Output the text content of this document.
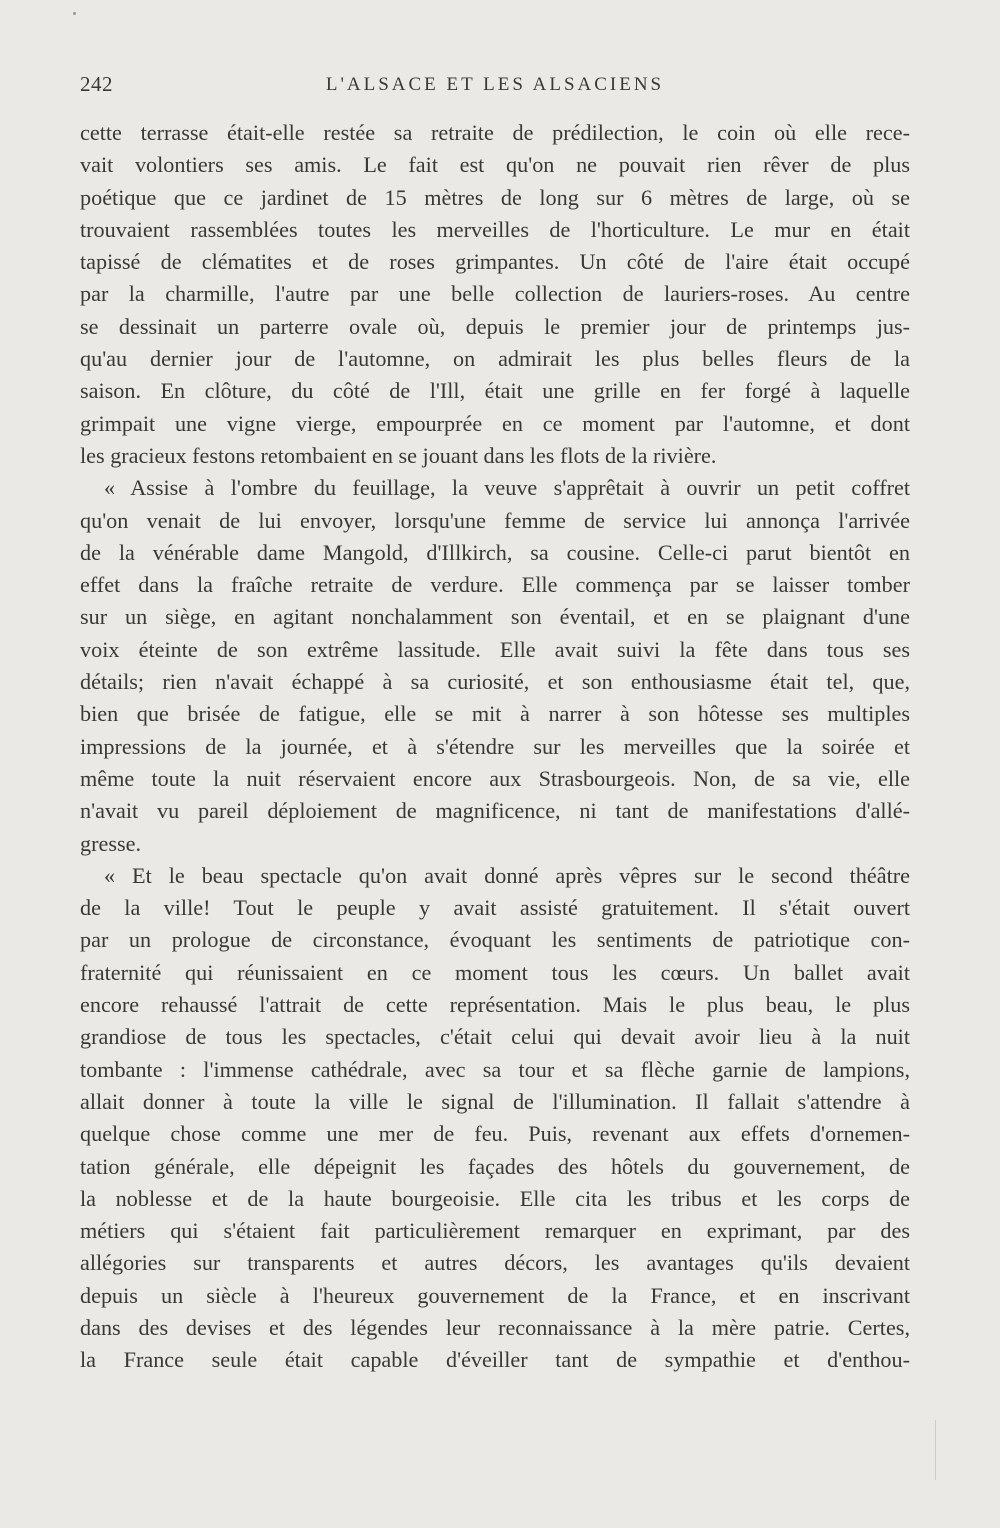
242	L'ALSACE ET LES ALSACIENS
cette terrasse était-elle restée sa retraite de prédilection, le coin où elle rece-
vait volontiers ses amis. Le fait est qu'on ne pouvait rien rêver de plus
poétique que ce jardinet de 15 mètres de long sur 6 mètres de large, où se
trouvaient rassemblées toutes les merveilles de l'horticulture. Le mur en était
tapissé de clématites et de roses grimpantes. Un côté de l'aire était occupé
par la charmille, l'autre par une belle collection de lauriers-roses. Au centre
se dessinait un parterre ovale où, depuis le premier jour de printemps jus-
qu'au dernier jour de l'automne, on admirait les plus belles fleurs de la
saison. En clôture, du côté de l'Ill, était une grille en fer forgé à laquelle
grimpait une vigne vierge, empourprée en ce moment par l'automne, et dont
les gracieux festons retombaient en se jouant dans les flots de la rivière.
« Assise à l'ombre du feuillage, la veuve s'apprêtait à ouvrir un petit coffret
qu'on venait de lui envoyer, lorsqu'une femme de service lui annonça l'arrivée
de la vénérable dame Mangold, d'Illkirch, sa cousine. Celle-ci parut bientôt en
effet dans la fraîche retraite de verdure. Elle commença par se laisser tomber
sur un siège, en agitant nonchalamment son éventail, et en se plaignant d'une
voix éteinte de son extrême lassitude. Elle avait suivi la fête dans tous ses
détails; rien n'avait échappé à sa curiosité, et son enthousiasme était tel, que,
bien que brisée de fatigue, elle se mit à narrer à son hôtesse ses multiples
impressions de la journée, et à s'étendre sur les merveilles que la soirée et
même toute la nuit réservaient encore aux Strasbourgeois. Non, de sa vie, elle
n'avait vu pareil déploiement de magnificence, ni tant de manifestations d'allé-
gresse.
« Et le beau spectacle qu'on avait donné après vêpres sur le second théâtre
de la ville! Tout le peuple y avait assisté gratuitement. Il s'était ouvert
par un prologue de circonstance, évoquant les sentiments de patriotique con-
fraternité qui réunissaient en ce moment tous les cœurs. Un ballet avait
encore rehaussé l'attrait de cette représentation. Mais le plus beau, le plus
grandiose de tous les spectacles, c'était celui qui devait avoir lieu à la nuit
tombante : l'immense cathédrale, avec sa tour et sa flèche garnie de lampions,
allait donner à toute la ville le signal de l'illumination. Il fallait s'attendre à
quelque chose comme une mer de feu. Puis, revenant aux effets d'ornemen-
tation générale, elle dépeignit les façades des hôtels du gouvernement, de
la noblesse et de la haute bourgeoisie. Elle cita les tribus et les corps de
métiers qui s'étaient fait particulièrement remarquer en exprimant, par des
allégories sur transparents et autres décors, les avantages qu'ils devaient
depuis un siècle à l'heureux gouvernement de la France, et en inscrivant
dans des devises et des légendes leur reconnaissance à la mère patrie. Certes,
la France seule était capable d'éveiller tant de sympathie et d'enthou-
